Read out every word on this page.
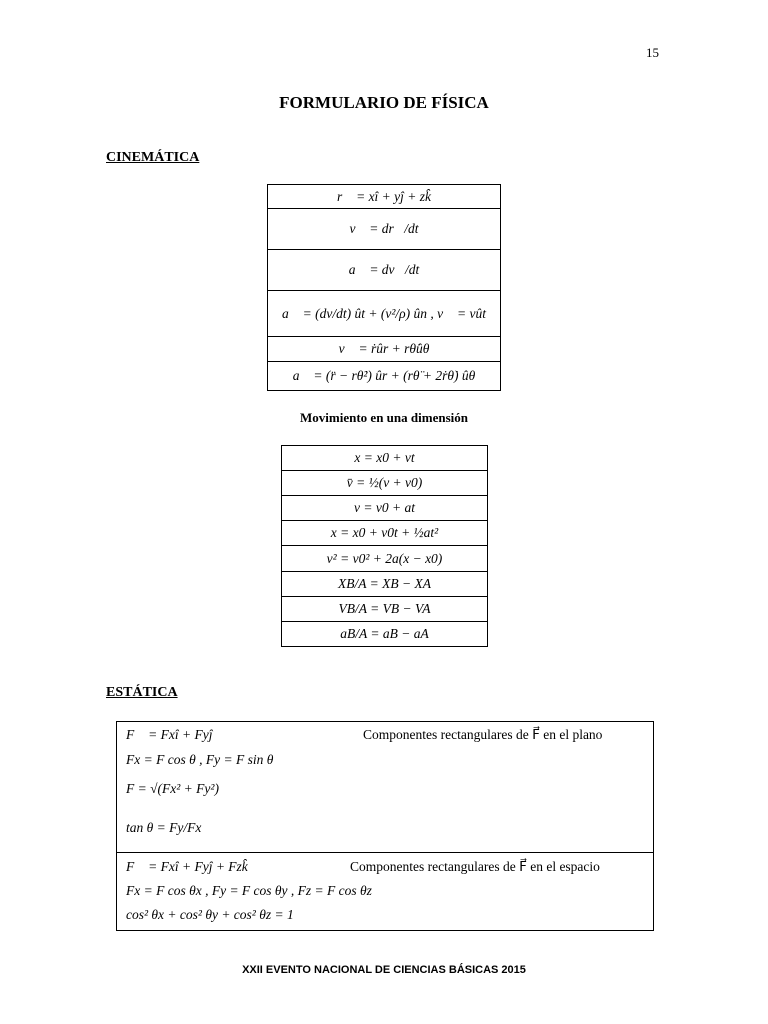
15
FORMULARIO DE FÍSICA
CINEMÁTICA
r⃗ = xî + yĵ + zk̂
v⃗ = dr⃗/dt
a⃗ = dv⃗/dt
a⃗ = (dv/dt) ût + (v²/ρ) ûn , v⃗ = vût
v⃗ = ṙûr + rθ̇ûθ
a⃗ = (r̈ − rθ̇²) ûr + (rθ̈ + 2ṙθ̇) ûθ
Movimiento en una dimensión
x = x0 + vt
v̄ = ½(v + v0)
v = v0 + at
x = x0 + v0t + ½at²
v² = v0² + 2a(x − x0)
XB/A = XB − XA
VB/A = VB − VA
aB/A = aB − aA
ESTÁTICA
F⃗ = Fxî + Fyĵ	Componentes rectangulares de F⃗ en el plano
Fx = F cos θ , Fy = F sin θ
F = √(Fx² + Fy²)
tan θ = Fy/Fx
F⃗ = Fxî + Fyĵ + Fzk̂	Componentes rectangulares de F⃗ en el espacio
Fx = F cos θx , Fy = F cos θy , Fz = F cos θz
cos² θx + cos² θy + cos² θz = 1
XXII EVENTO NACIONAL DE CIENCIAS BÁSICAS 2015
